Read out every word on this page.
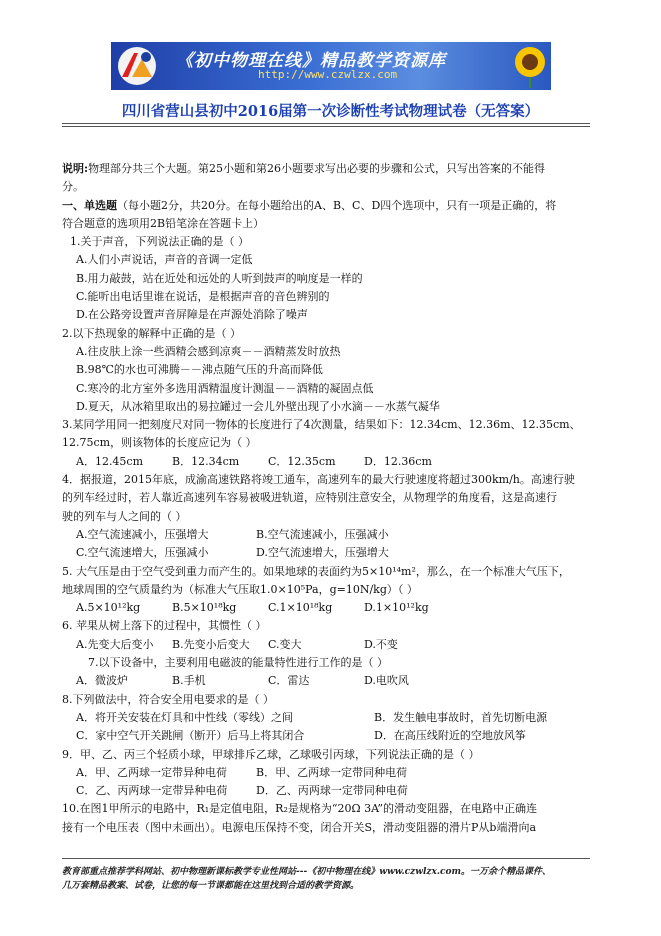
《初中物理在线》精品教学资源库
http://www.czwlzx.com
四川省营山县初中2016届第一次诊断性考试物理试卷（无答案）
说明:物理部分共三个大题。第25小题和第26小题要求写出必要的步骤和公式，只写出答案的不能得
分。
一、单选题（每小题2分，共20分。在每小题给出的A、B、C、D四个选项中，只有一项是正确的，将
符合题意的选项用2B铅笔涂在答题卡上）
1.关于声音，下列说法正确的是（ ）
A.人们小声说话，声音的音调一定低
B.用力敲鼓，站在近处和远处的人听到鼓声的响度是一样的
C.能听出电话里谁在说话，是根据声音的音色辨别的
D.在公路旁设置声音屏障是在声源处消除了噪声
2.以下热现象的解释中正确的是（ ）
A.往皮肤上涂一些酒精会感到凉爽－－酒精蒸发时放热
B.98℃的水也可沸腾－－沸点随气压的升高而降低
C.寒冷的北方室外多选用酒精温度计测温－－酒精的凝固点低
D.夏天，从冰箱里取出的易拉罐过一会儿外壁出现了小水滴－－水蒸气凝华
3.某同学用同一把刻度尺对同一物体的长度进行了4次测量，结果如下：12.34cm、12.36m、12.35cm、
12.75cm，则该物体的长度应记为（ ）
A．12.45cm	B．12.34cm	C．12.35cm	D．12.36cm
4．据报道，2015年底，成渝高速铁路将竣工通车，高速列车的最大行驶速度将超过300km/h。高速行驶
的列车经过时，若人靠近高速列车容易被吸进轨道，应特别注意安全，从物理学的角度看，这是高速行
驶的列车与人之间的（ ）
A.空气流速减小，压强增大	B.空气流速减小，压强减小
C.空气流速增大，压强减小	D.空气流速增大，压强增大
5. 大气压是由于空气受到重力而产生的。如果地球的表面约为5×10¹⁴m²，那么，在一个标准大气压下，
地球周围的空气质量约为（标准大气压取1.0×10⁵Pa，g=10N/kg）（ ）
A.5×10¹²kg	B.5×10¹⁸kg	C.1×10¹⁸kg	D.1×10¹²kg
6. 苹果从树上落下的过程中，其惯性（ ）
A.先变大后变小 B.先变小后变大 C.变大	D.不变
7.以下设备中，主要利用电磁波的能量特性进行工作的是（ ）
A．微波炉	B.手机	C．雷达	D.电吹风
8.下列做法中，符合安全用电要求的是（ ）
A．将开关安装在灯具和中性线（零线）之间	B．发生触电事故时，首先切断电源
C．家中空气开关跳闸（断开）后马上将其闭合	D．在高压线附近的空地放风筝
9．甲、乙、丙三个轻质小球，甲球排斥乙球，乙球吸引丙球，下列说法正确的是（ ）
A．甲、乙两球一定带异种电荷	B．甲、乙两球一定带同种电荷
C．乙、丙两球一定带异种电荷	D．乙、丙两球一定带同种电荷
10.在图1甲所示的电路中，R₁是定值电阻，R₂是规格为“20Ω 3A”的滑动变阻器，在电路中正确连
接有一个电压表（图中未画出）。电源电压保持不变，闭合开关S，滑动变阻器的滑片P从b端滑向a
教育部重点推荐学科网站、初中物理新课标教学专业性网站---《初中物理在线》www.czwlzx.com。一万余个精品课件、
几万套精品教案、试卷，让您的每一节课都能在这里找到合适的教学资源。
